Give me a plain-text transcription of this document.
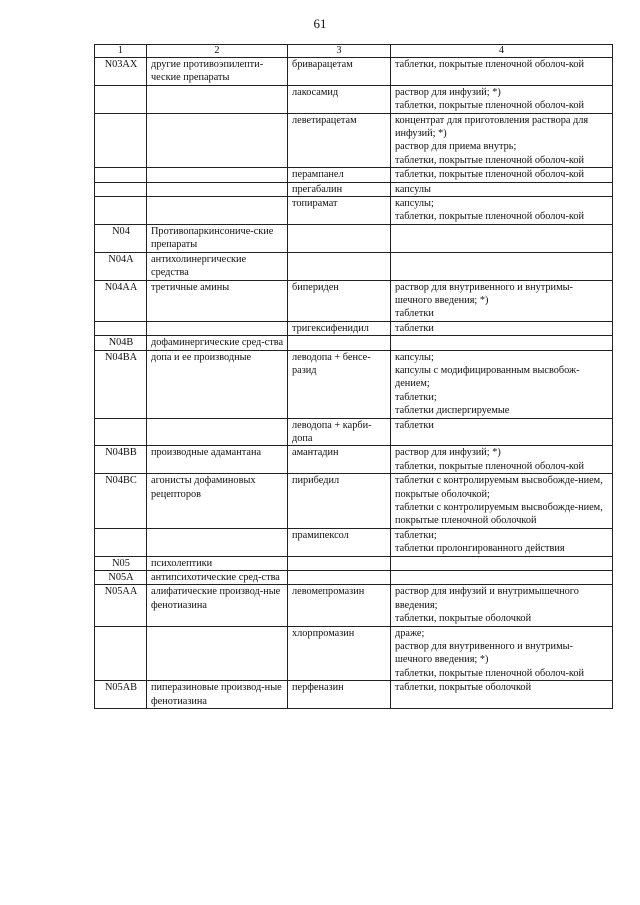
61
1	2	3	4
N03AX	другие противоэпилепти-ческие препараты	бриварацетам	таблетки, покрытые пленочной оболоч-кой

		лакосамид	раствор для инфузий; *)
таблетки, покрытые пленочной оболоч-кой

		леветирацетам	концентрат для приготовления раствора для инфузий; *)
раствор для приема внутрь;
таблетки, покрытые пленочной оболоч-кой

		перампанел	таблетки, покрытые пленочной оболоч-кой

		прегабалин	капсулы

		топирамат	капсулы;
таблетки, покрытые пленочной оболоч-кой

N04	Противопаркинсониче-ские препараты		
N04A	антихолинергические средства		
N04AA	третичные амины	бипериден	раствор для внутривенного и внутримы-шечного введения; *)
таблетки

		тригексифенидил	таблетки

N04B	дофаминергические сред-ства		
N04BA	допа и ее производные	леводопа + бенсе-разид	капсулы;
капсулы с модифицированным высвобож-дением;
таблетки;
таблетки диспергируемые

		леводопа + карби-допа	таблетки

N04BB	производные адамантана	амантадин	раствор для инфузий; *)
таблетки, покрытые пленочной оболоч-кой

N04BC	агонисты дофаминовых рецепторов	пирибедил	таблетки с контролируемым высвобожде-нием, покрытые оболочкой;
таблетки с контролируемым высвобожде-нием, покрытые пленочной оболочкой

		прамипексол	таблетки;
таблетки пролонгированного действия

N05	психолептики		
N05A	антипсихотические сред-ства		
N05AA	алифатические производ-ные фенотиазина	левомепромазин	раствор для инфузий и внутримышечного введения;
таблетки, покрытые оболочкой

		хлорпромазин	драже;
раствор для внутривенного и внутримы-шечного введения; *)
таблетки, покрытые пленочной оболоч-кой

N05AB	пиперазиновые производ-ные фенотиазина	перфеназин	таблетки, покрытые оболочкой
